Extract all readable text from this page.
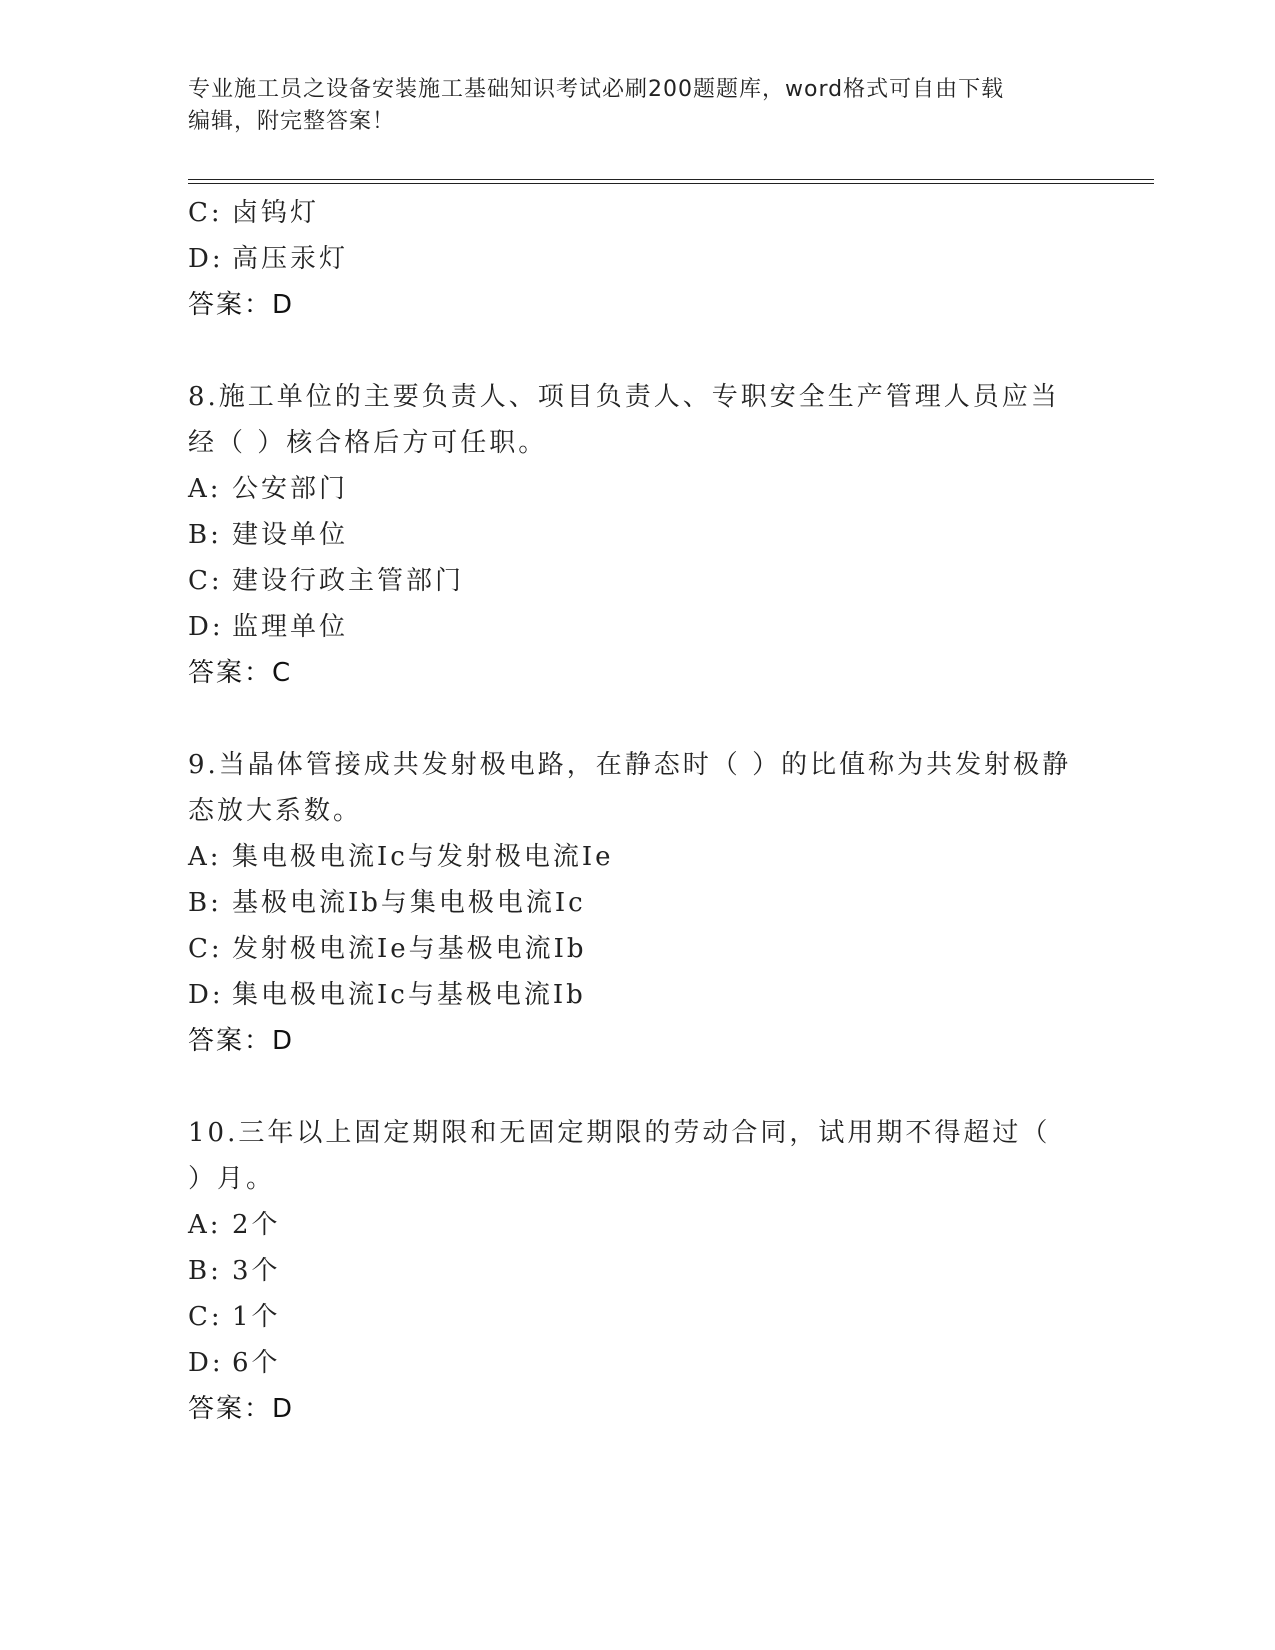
专业施工员之设备安装施工基础知识考试必刷200题题库，word格式可自由下载
编辑，附完整答案！
C: 卤钨灯
D: 高压汞灯
答案：D
8.施工单位的主要负责人、项目负责人、专职安全生产管理人员应当
经（ ）核合格后方可任职。
A: 公安部门
B: 建设单位
C: 建设行政主管部门
D: 监理单位
答案：C
9.当晶体管接成共发射极电路，在静态时（ ）的比值称为共发射极静
态放大系数。
A: 集电极电流Ic与发射极电流Ie
B: 基极电流Ib与集电极电流Ic
C: 发射极电流Ie与基极电流Ib
D: 集电极电流Ic与基极电流Ib
答案：D
10.三年以上固定期限和无固定期限的劳动合同，试用期不得超过（
）月。
A: 2个
B: 3个
C: 1个
D: 6个
答案：D
